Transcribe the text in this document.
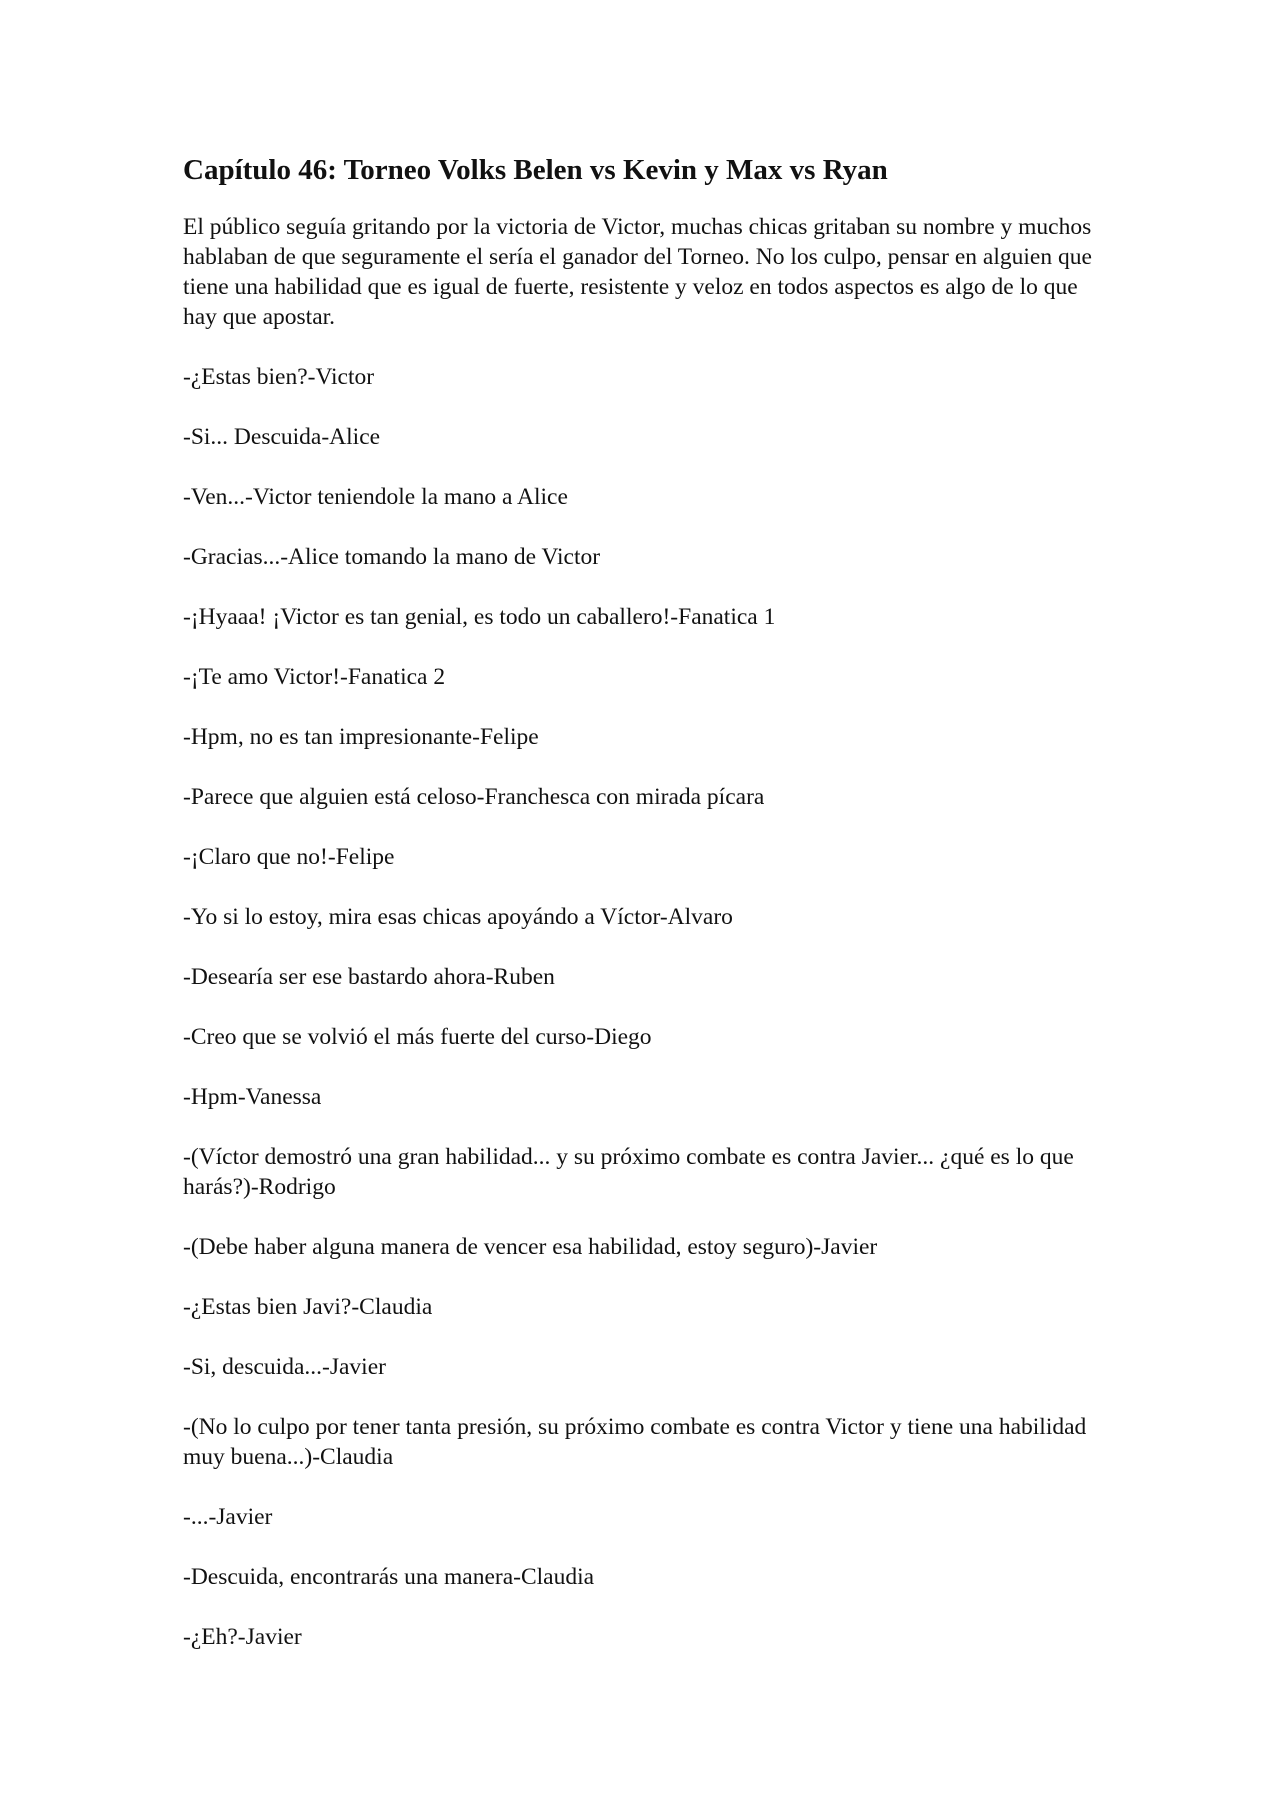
Capítulo 46: Torneo Volks Belen vs Kevin y Max vs Ryan

El público seguía gritando por la victoria de Victor, muchas chicas gritaban su nombre y muchos hablaban de que seguramente el sería el ganador del Torneo. No los culpo, pensar en alguien que tiene una habilidad que es igual de fuerte, resistente y veloz en todos aspectos es algo de lo que hay que apostar.

-¿Estas bien?-Victor

-Si... Descuida-Alice

-Ven...-Victor teniendole la mano a Alice

-Gracias...-Alice tomando la mano de Victor

-¡Hyaaa! ¡Victor es tan genial, es todo un caballero!-Fanatica 1

-¡Te amo Victor!-Fanatica 2

-Hpm, no es tan impresionante-Felipe

-Parece que alguien está celoso-Franchesca con mirada pícara

-¡Claro que no!-Felipe

-Yo si lo estoy, mira esas chicas apoyándo a Víctor-Alvaro

-Desearía ser ese bastardo ahora-Ruben

-Creo que se volvió el más fuerte del curso-Diego

-Hpm-Vanessa

-(Víctor demostró una gran habilidad... y su próximo combate es contra Javier... ¿qué es lo que harás?)-Rodrigo

-(Debe haber alguna manera de vencer esa habilidad, estoy seguro)-Javier

-¿Estas bien Javi?-Claudia

-Si, descuida...-Javier

-(No lo culpo por tener tanta presión, su próximo combate es contra Victor y tiene una habilidad muy buena...)-Claudia

-...-Javier

-Descuida, encontrarás una manera-Claudia

-¿Eh?-Javier
